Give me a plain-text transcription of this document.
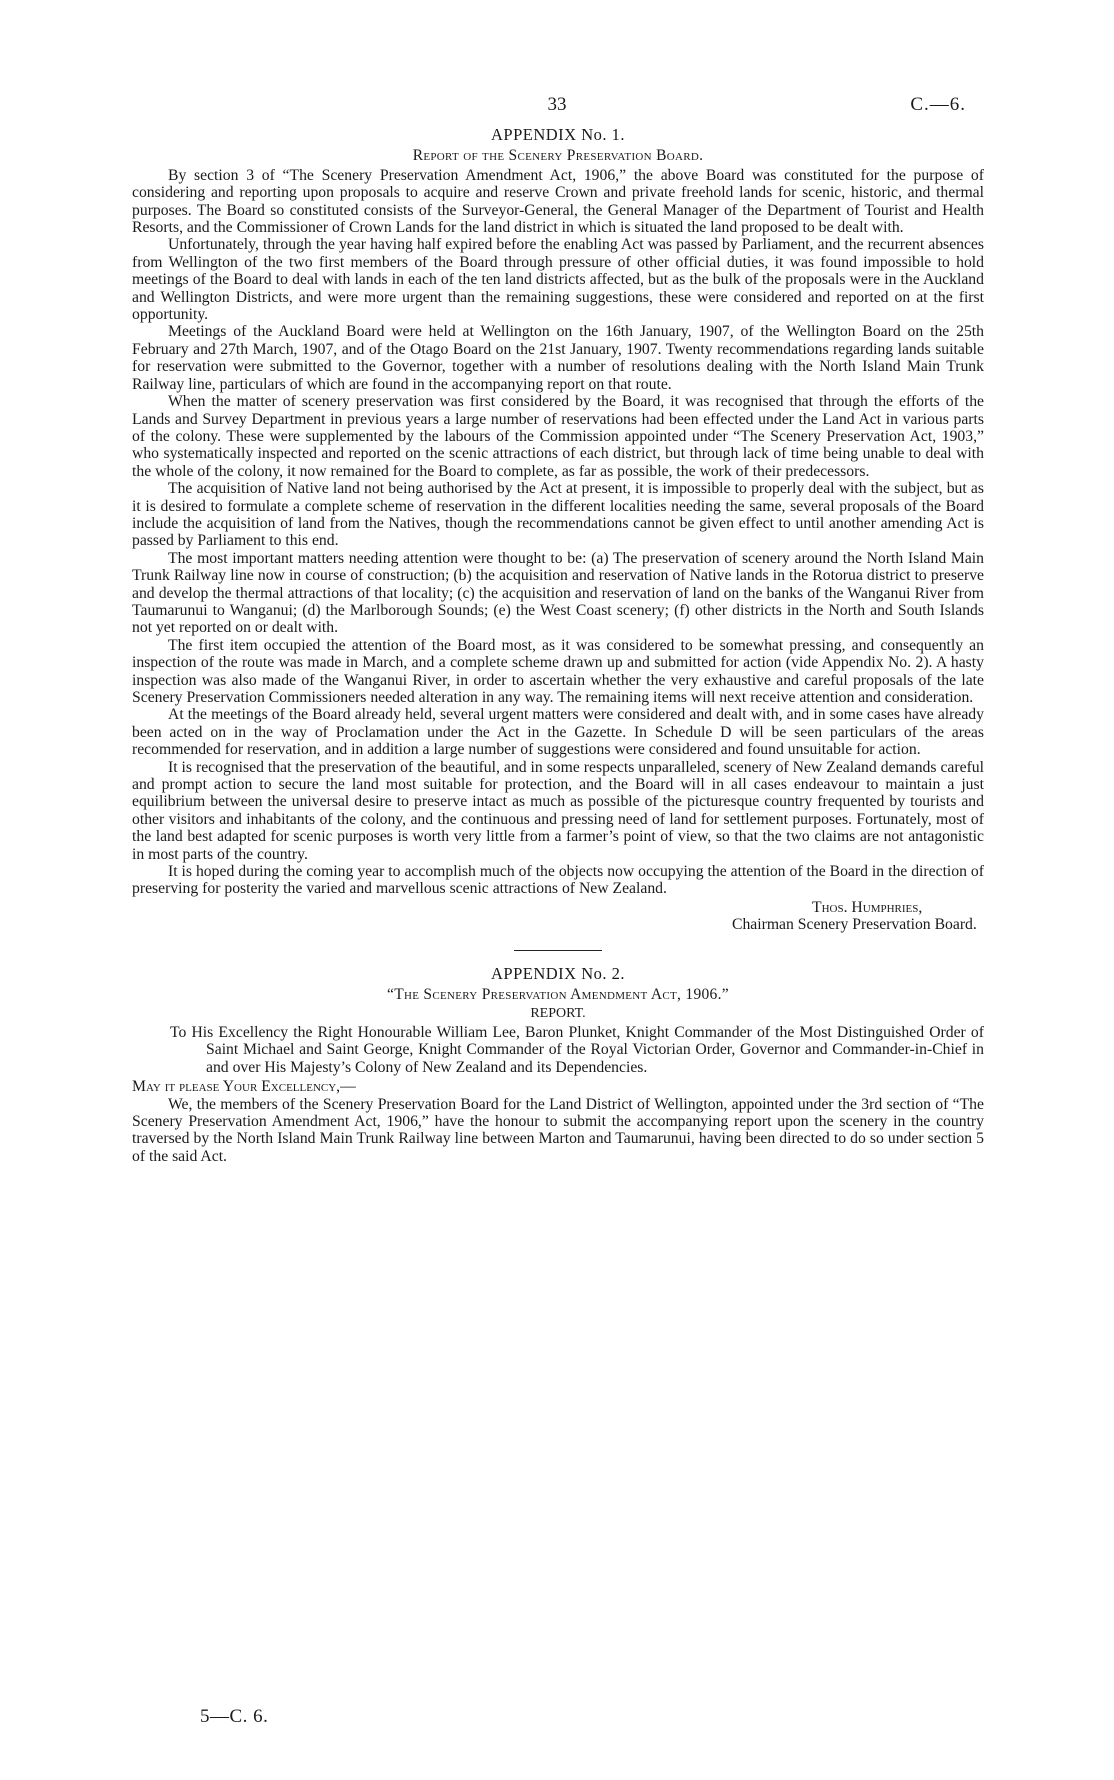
33	C.—6.
APPENDIX No. 1.
Report of the Scenery Preservation Board.

By section 3 of “The Scenery Preservation Amendment Act, 1906,” the above Board was constituted for the purpose of considering and reporting upon proposals to acquire and reserve Crown and private freehold lands for scenic, historic, and thermal purposes. The Board so constituted consists of the Surveyor-General, the General Manager of the Department of Tourist and Health Resorts, and the Commissioner of Crown Lands for the land district in which is situated the land proposed to be dealt with.

Unfortunately, through the year having half expired before the enabling Act was passed by Parliament, and the recurrent absences from Wellington of the two first members of the Board through pressure of other official duties, it was found impossible to hold meetings of the Board to deal with lands in each of the ten land districts affected, but as the bulk of the proposals were in the Auckland and Wellington Districts, and were more urgent than the remaining suggestions, these were considered and reported on at the first opportunity.

Meetings of the Auckland Board were held at Wellington on the 16th January, 1907, of the Wellington Board on the 25th February and 27th March, 1907, and of the Otago Board on the 21st January, 1907. Twenty recommendations regarding lands suitable for reservation were submitted to the Governor, together with a number of resolutions dealing with the North Island Main Trunk Railway line, particulars of which are found in the accompanying report on that route.

When the matter of scenery preservation was first considered by the Board, it was recognised that through the efforts of the Lands and Survey Department in previous years a large number of reservations had been effected under the Land Act in various parts of the colony. These were supplemented by the labours of the Commission appointed under “The Scenery Preservation Act, 1903,” who systematically inspected and reported on the scenic attractions of each district, but through lack of time being unable to deal with the whole of the colony, it now remained for the Board to complete, as far as possible, the work of their predecessors.

The acquisition of Native land not being authorised by the Act at present, it is impossible to properly deal with the subject, but as it is desired to formulate a complete scheme of reservation in the different localities needing the same, several proposals of the Board include the acquisition of land from the Natives, though the recommendations cannot be given effect to until another amending Act is passed by Parliament to this end.

The most important matters needing attention were thought to be: (a) The preservation of scenery around the North Island Main Trunk Railway line now in course of construction; (b) the acquisition and reservation of Native lands in the Rotorua district to preserve and develop the thermal attractions of that locality; (c) the acquisition and reservation of land on the banks of the Wanganui River from Taumarunui to Wanganui; (d) the Marlborough Sounds; (e) the West Coast scenery; (f) other districts in the North and South Islands not yet reported on or dealt with.

The first item occupied the attention of the Board most, as it was considered to be somewhat pressing, and consequently an inspection of the route was made in March, and a complete scheme drawn up and submitted for action (vide Appendix No. 2). A hasty inspection was also made of the Wanganui River, in order to ascertain whether the very exhaustive and careful proposals of the late Scenery Preservation Commissioners needed alteration in any way. The remaining items will next receive attention and consideration.

At the meetings of the Board already held, several urgent matters were considered and dealt with, and in some cases have already been acted on in the way of Proclamation under the Act in the Gazette. In Schedule D will be seen particulars of the areas recommended for reservation, and in addition a large number of suggestions were considered and found unsuitable for action.

It is recognised that the preservation of the beautiful, and in some respects unparalleled, scenery of New Zealand demands careful and prompt action to secure the land most suitable for protection, and the Board will in all cases endeavour to maintain a just equilibrium between the universal desire to preserve intact as much as possible of the picturesque country frequented by tourists and other visitors and inhabitants of the colony, and the continuous and pressing need of land for settlement purposes. Fortunately, most of the land best adapted for scenic purposes is worth very little from a farmer’s point of view, so that the two claims are not antagonistic in most parts of the country.

It is hoped during the coming year to accomplish much of the objects now occupying the attention of the Board in the direction of preserving for posterity the varied and marvellous scenic attractions of New Zealand.

Thos. Humphries,
Chairman Scenery Preservation Board.
APPENDIX No. 2.
“The Scenery Preservation Amendment Act, 1906.”
REPORT.

To His Excellency the Right Honourable William Lee, Baron Plunket, Knight Commander of the Most Distinguished Order of Saint Michael and Saint George, Knight Commander of the Royal Victorian Order, Governor and Commander-in-Chief in and over His Majesty’s Colony of New Zealand and its Dependencies.

May it please Your Excellency,—

We, the members of the Scenery Preservation Board for the Land District of Wellington, appointed under the 3rd section of “The Scenery Preservation Amendment Act, 1906,” have the honour to submit the accompanying report upon the scenery in the country traversed by the North Island Main Trunk Railway line between Marton and Taumarunui, having been directed to do so under section 5 of the said Act.

5—C. 6.
